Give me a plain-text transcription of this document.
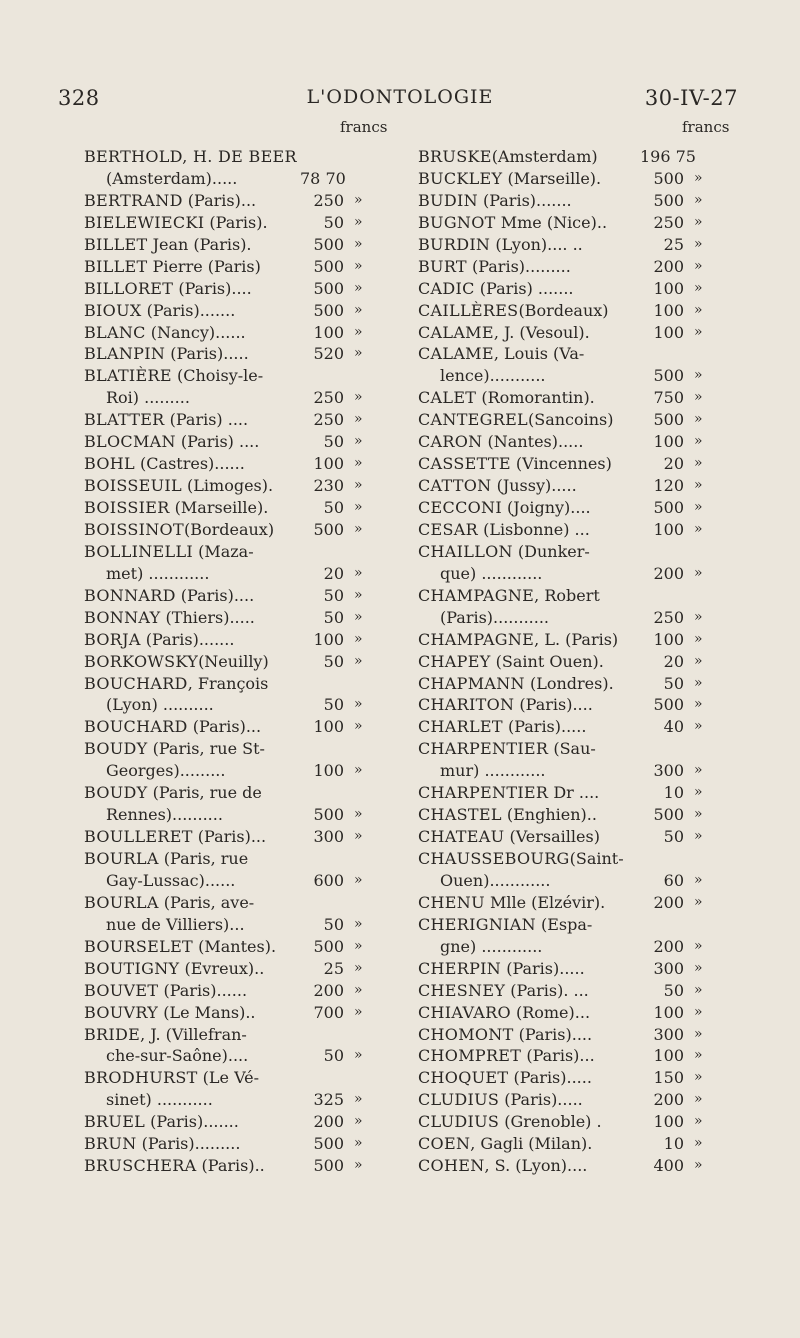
L'ODONTOLOGIE
328	30-IV-27
francs
BERTHOLD, H. DE BEER
(Amsterdam).....	78 70
BERTRAND (Paris)...	250 »
BIELEWIECKI (Paris).	50 »
BILLET Jean (Paris).	500 »
BILLET Pierre (Paris)	500 »
BILLORET (Paris)....	500 »
BIOUX (Paris).......	500 »
BLANC (Nancy)......	100 »
BLANPIN (Paris).....	520 »
BLATIÈRE (Choisy-le-
Roi) .........	250 »
BLATTER (Paris) ....	250 »
BLOCMAN (Paris) ....	50 »
BOHL (Castres)......	100 »
BOISSEUIL (Limoges).	230 »
BOISSIER (Marseille).	50 »
BOISSINOT(Bordeaux)	500 »
BOLLINELLI (Maza-
met) ............	20 »
BONNARD (Paris)....	50 »
BONNAY (Thiers).....	50 »
BORJA (Paris).......	100 »
BORKOWSKY(Neuilly)	50 »
BOUCHARD, François
(Lyon) ..........	50 »
BOUCHARD (Paris)...	100 »
BOUDY (Paris, rue St-
Georges).........	100 »
BOUDY (Paris, rue de
Rennes)..........	500 »
BOULLERET (Paris)...	300 »
BOURLA (Paris, rue
Gay-Lussac)......	600 »
BOURLA (Paris, ave-
nue de Villiers)...	50 »
BOURSELET (Mantes).	500 »
BOUTIGNY (Evreux)..	25 »
BOUVET (Paris)......	200 »
BOUVRY (Le Mans)..	700 »
BRIDE, J. (Villefran-
che-sur-Saône)....	50 »
BRODHURST (Le Vé-
sinet) ...........	325 »
BRUEL (Paris).......	200 »
BRUN (Paris).........	500 »
BRUSCHERA (Paris)..	500 »
francs
BRUSKE(Amsterdam)	196 75
BUCKLEY (Marseille).	500 »
BUDIN (Paris).......	500 »
BUGNOT Mme (Nice)..	250 »
BURDIN (Lyon).... ..	25 »
BURT (Paris).........	200 »
CADIC (Paris) .......	100 »
CAILLÈRES(Bordeaux)	100 »
CALAME, J. (Vesoul).	100 »
CALAME, Louis (Va-
lence)...........	500 »
CALET (Romorantin).	750 »
CANTEGREL(Sancoins)	500 »
CARON (Nantes).....	100 »
CASSETTE (Vincennes)	20 »
CATTON (Jussy).....	120 »
CECCONI (Joigny)....	500 »
CESAR (Lisbonne) ...	100 »
CHAILLON (Dunker-
que) ............	200 »
CHAMPAGNE, Robert
(Paris)...........	250 »
CHAMPAGNE, L. (Paris)	100 »
CHAPEY (Saint Ouen).	20 »
CHAPMANN (Londres).	50 »
CHARITON (Paris)....	500 »
CHARLET (Paris).....	40 »
CHARPENTIER (Sau-
mur) ............	300 »
CHARPENTIER Dr ....	10 »
CHASTEL (Enghien)..	500 »
CHATEAU (Versailles)	50 »
CHAUSSEBOURG(Saint-
Ouen)............	60 »
CHENU Mlle (Elzévir).	200 »
CHERIGNIAN (Espa-
gne) ............	200 »
CHERPIN (Paris).....	300 »
CHESNEY (Paris). ...	50 »
CHIAVARO (Rome)...	100 »
CHOMONT (Paris)....	300 »
CHOMPRET (Paris)...	100 »
CHOQUET (Paris).....	150 »
CLUDIUS (Paris).....	200 »
CLUDIUS (Grenoble) .	100 »
COEN, Gagli (Milan).	10 »
COHEN, S. (Lyon)....	400 »
